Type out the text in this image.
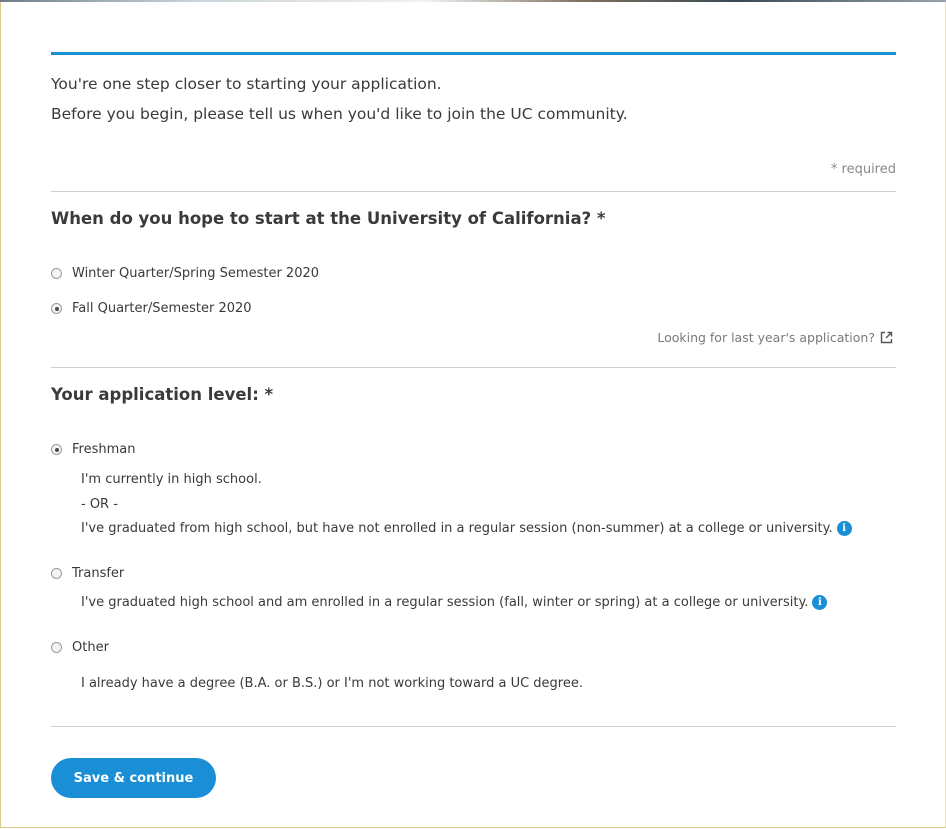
You're one step closer to starting your application.

Before you begin, please tell us when you'd like to join the UC community.

* required
When do you hope to start at the University of California? *
Winter Quarter/Spring Semester 2020
Fall Quarter/Semester 2020
Looking for last year's application?
Your application level: *
Freshman
I'm currently in high school.
- OR -
I've graduated from high school, but have not enrolled in a regular session (non-summer) at a college or university. i
Transfer
I've graduated high school and am enrolled in a regular session (fall, winter or spring) at a college or university. i
Other
I already have a degree (B.A. or B.S.) or I'm not working toward a UC degree.
Save & continue
